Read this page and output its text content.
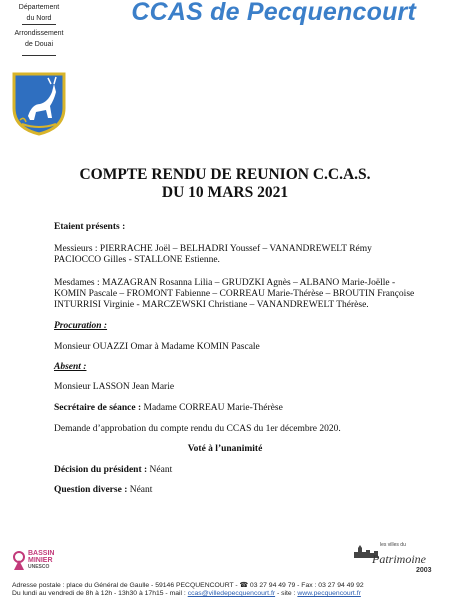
Département
du Nord
Arrondissement
de Douai
CCAS de Pecquencourt
COMPTE RENDU DE REUNION C.C.A.S.
DU 10 MARS 2021
Etaient présents :
Messieurs : PIERRACHE Joël – BELHADRI Youssef – VANANDREWELT Rémy
PACIOCCO Gilles - STALLONE Estienne.
Mesdames : MAZAGRAN Rosanna Lilia – GRUDZKI Agnès – ALBANO Marie-Joëlle -
KOMIN Pascale – FROMONT Fabienne – CORREAU Marie-Thérèse – BROUTIN Françoise
INTURRISI Virginie - MARCZEWSKI Christiane – VANANDREWELT Thérèse.
Procuration :
Monsieur OUAZZI Omar à Madame KOMIN Pascale
Absent :
Monsieur LASSON Jean Marie
Secrétaire de séance : Madame CORREAU Marie-Thérèse
Demande d’approbation du compte rendu du CCAS du 1er décembre 2020.
Voté à l’unanimité
Décision du président : Néant
Question diverse : Néant
BASSIN
MINIER
UNESCO
les villes du
Patrimoine
2003
Adresse postale : place du Général de Gaulle - 59146 PECQUENCOURT - ☎ 03 27 94 49 79 - Fax : 03 27 94 49 92
Du lundi au vendredi de 8h à 12h - 13h30 à 17h15 - mail : ccas@villedepecquencourt.fr - site : www.pecquencourt.fr
